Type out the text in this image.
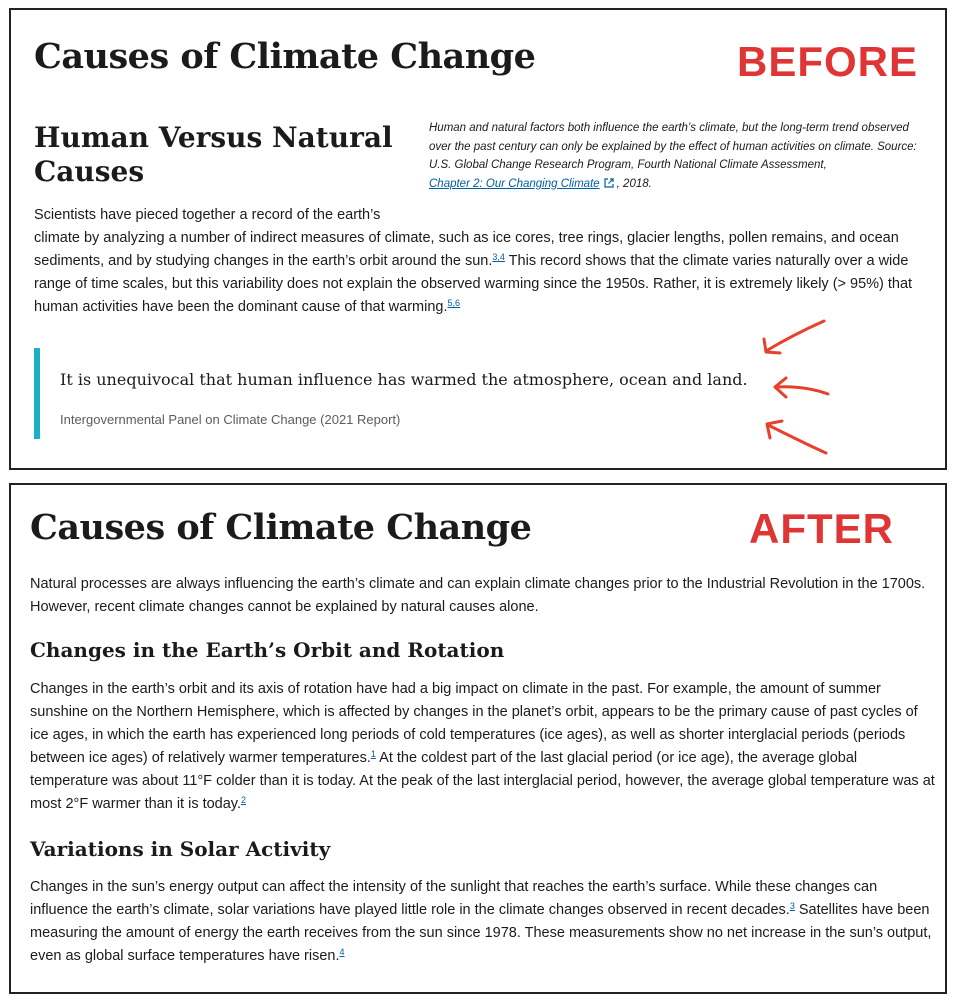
Causes of Climate Change	BEFORE
Human Versus Natural
Causes
Human and natural factors both influence the earth’s climate, but the long-term trend observed over the past century can only be explained by the effect of human activities on climate. Source: U.S. Global Change Research Program, Fourth National Climate Assessment,
Chapter 2: Our Changing Climate , 2018.
Scientists have pieced together a record of the earth’s
climate by analyzing a number of indirect measures of climate, such as ice cores, tree rings, glacier lengths, pollen remains, and ocean sediments, and by studying changes in the earth’s orbit around the sun.$^{3,4}$ This record shows that the climate varies naturally over a wide range of time scales, but this variability does not explain the observed warming since the 1950s. Rather, it is extremely likely (> 95%) that human activities have been the dominant cause of that warming.$^{5,6}$
It is unequivocal that human influence has warmed the atmosphere, ocean and land.
Intergovernmental Panel on Climate Change (2021 Report)
Causes of Climate Change	AFTER
Natural processes are always influencing the earth’s climate and can explain climate changes prior to the Industrial Revolution in the 1700s. However, recent climate changes cannot be explained by natural causes alone.
Changes in the Earth’s Orbit and Rotation
Changes in the earth’s orbit and its axis of rotation have had a big impact on climate in the past. For example, the amount of summer sunshine on the Northern Hemisphere, which is affected by changes in the planet’s orbit, appears to be the primary cause of past cycles of ice ages, in which the earth has experienced long periods of cold temperatures (ice ages), as well as shorter interglacial periods (periods between ice ages) of relatively warmer temperatures.$^1$ At the coldest part of the last glacial period (or ice age), the average global temperature was about 11°F colder than it is today. At the peak of the last interglacial period, however, the average global temperature was at most 2°F warmer than it is today.$^2$
Variations in Solar Activity
Changes in the sun’s energy output can affect the intensity of the sunlight that reaches the earth’s surface. While these changes can influence the earth’s climate, solar variations have played little role in the climate changes observed in recent decades.$^3$ Satellites have been measuring the amount of energy the earth receives from the sun since 1978. These measurements show no net increase in the sun’s output, even as global surface temperatures have risen.$^4$
